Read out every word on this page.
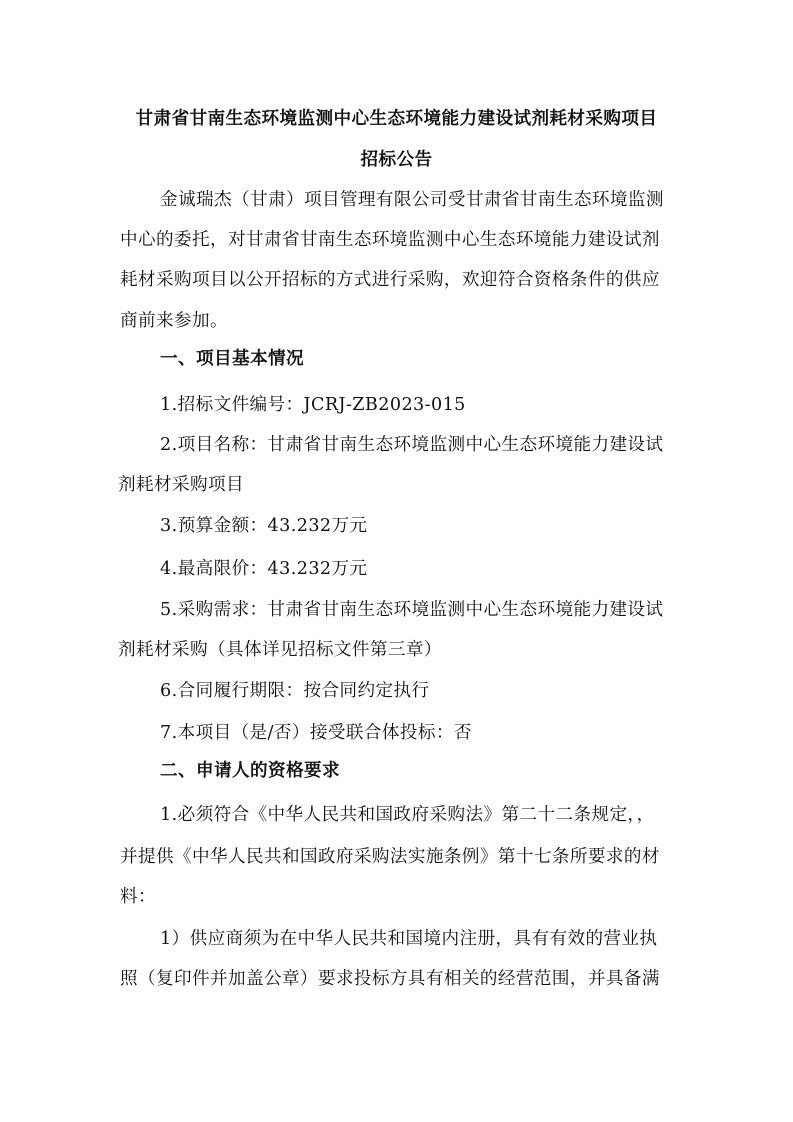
甘肃省甘南生态环境监测中心生态环境能力建设试剂耗材采购项目
招标公告
金诚瑞杰（甘肃）项目管理有限公司受甘肃省甘南生态环境监测
中心的委托，对甘肃省甘南生态环境监测中心生态环境能力建设试剂
耗材采购项目以公开招标的方式进行采购，欢迎符合资格条件的供应
商前来参加。
一、项目基本情况
1.招标文件编号：JCRJ-ZB2023-015
2.项目名称：甘肃省甘南生态环境监测中心生态环境能力建设试
剂耗材采购项目
3.预算金额：43.232万元
4.最高限价：43.232万元
5.采购需求：甘肃省甘南生态环境监测中心生态环境能力建设试
剂耗材采购（具体详见招标文件第三章）
6.合同履行期限：按合同约定执行
7.本项目（是/否）接受联合体投标：否
二、申请人的资格要求
1.必须符合《中华人民共和国政府采购法》第二十二条规定，，
并提供《中华人民共和国政府采购法实施条例》第十七条所要求的材
料：
1）供应商须为在中华人民共和国境内注册，具有有效的营业执
照（复印件并加盖公章）要求投标方具有相关的经营范围，并具备满
